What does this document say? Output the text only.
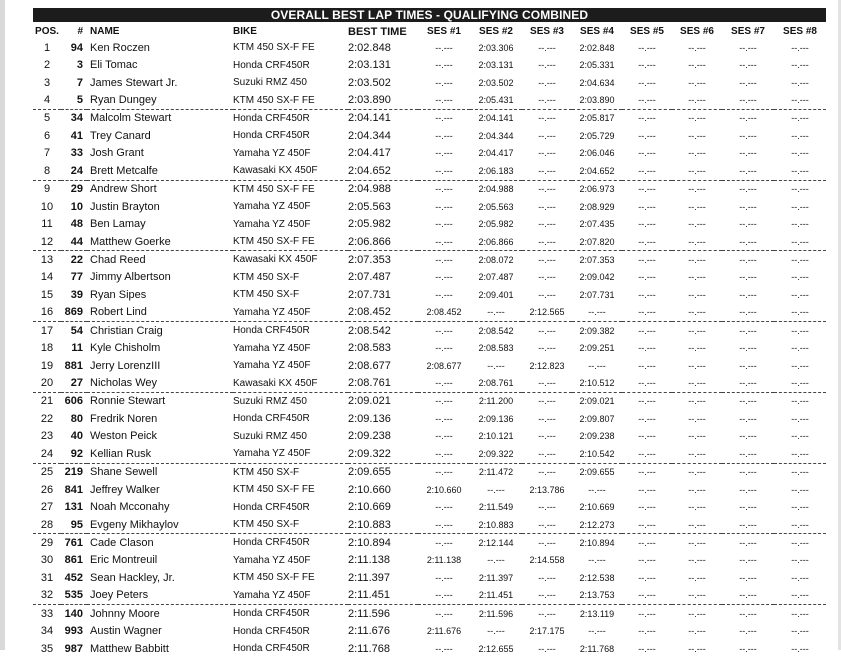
OVERALL BEST LAP TIMES - QUALIFYING COMBINED
POS.	#	NAME	BIKE	BEST TIME	SES #1	SES #2	SES #3	SES #4	SES #5	SES #6	SES #7	SES #8
1	94	Ken Roczen	KTM 450 SX-F FE	2:02.848	--.---	2:03.306	--.---	2:02.848	--.---	--.---	--.---	--.---
2	3	Eli Tomac	Honda CRF450R	2:03.131	--.---	2:03.131	--.---	2:05.331	--.---	--.---	--.---	--.---
3	7	James Stewart Jr.	Suzuki RMZ 450	2:03.502	--.---	2:03.502	--.---	2:04.634	--.---	--.---	--.---	--.---
4	5	Ryan Dungey	KTM 450 SX-F FE	2:03.890	--.---	2:05.431	--.---	2:03.890	--.---	--.---	--.---	--.---
5	34	Malcolm Stewart	Honda CRF450R	2:04.141	--.---	2:04.141	--.---	2:05.817	--.---	--.---	--.---	--.---
6	41	Trey Canard	Honda CRF450R	2:04.344	--.---	2:04.344	--.---	2:05.729	--.---	--.---	--.---	--.---
7	33	Josh Grant	Yamaha YZ 450F	2:04.417	--.---	2:04.417	--.---	2:06.046	--.---	--.---	--.---	--.---
8	24	Brett Metcalfe	Kawasaki KX 450F	2:04.652	--.---	2:06.183	--.---	2:04.652	--.---	--.---	--.---	--.---
9	29	Andrew Short	KTM 450 SX-F FE	2:04.988	--.---	2:04.988	--.---	2:06.973	--.---	--.---	--.---	--.---
10	10	Justin Brayton	Yamaha YZ 450F	2:05.563	--.---	2:05.563	--.---	2:08.929	--.---	--.---	--.---	--.---
11	48	Ben Lamay	Yamaha YZ 450F	2:05.982	--.---	2:05.982	--.---	2:07.435	--.---	--.---	--.---	--.---
12	44	Matthew Goerke	KTM 450 SX-F FE	2:06.866	--.---	2:06.866	--.---	2:07.820	--.---	--.---	--.---	--.---
13	22	Chad Reed	Kawasaki KX 450F	2:07.353	--.---	2:08.072	--.---	2:07.353	--.---	--.---	--.---	--.---
14	77	Jimmy Albertson	KTM 450 SX-F	2:07.487	--.---	2:07.487	--.---	2:09.042	--.---	--.---	--.---	--.---
15	39	Ryan Sipes	KTM 450 SX-F	2:07.731	--.---	2:09.401	--.---	2:07.731	--.---	--.---	--.---	--.---
16	869	Robert Lind	Yamaha YZ 450F	2:08.452	2:08.452	--.---	2:12.565	--.---	--.---	--.---	--.---	--.---
17	54	Christian Craig	Honda CRF450R	2:08.542	--.---	2:08.542	--.---	2:09.382	--.---	--.---	--.---	--.---
18	11	Kyle Chisholm	Yamaha YZ 450F	2:08.583	--.---	2:08.583	--.---	2:09.251	--.---	--.---	--.---	--.---
19	881	Jerry LorenzIII	Yamaha YZ 450F	2:08.677	2:08.677	--.---	2:12.823	--.---	--.---	--.---	--.---	--.---
20	27	Nicholas Wey	Kawasaki KX 450F	2:08.761	--.---	2:08.761	--.---	2:10.512	--.---	--.---	--.---	--.---
21	606	Ronnie Stewart	Suzuki RMZ 450	2:09.021	--.---	2:11.200	--.---	2:09.021	--.---	--.---	--.---	--.---
22	80	Fredrik Noren	Honda CRF450R	2:09.136	--.---	2:09.136	--.---	2:09.807	--.---	--.---	--.---	--.---
23	40	Weston Peick	Suzuki RMZ 450	2:09.238	--.---	2:10.121	--.---	2:09.238	--.---	--.---	--.---	--.---
24	92	Kellian Rusk	Yamaha YZ 450F	2:09.322	--.---	2:09.322	--.---	2:10.542	--.---	--.---	--.---	--.---
25	219	Shane Sewell	KTM 450 SX-F	2:09.655	--.---	2:11.472	--.---	2:09.655	--.---	--.---	--.---	--.---
26	841	Jeffrey Walker	KTM 450 SX-F FE	2:10.660	2:10.660	--.---	2:13.786	--.---	--.---	--.---	--.---	--.---
27	131	Noah Mcconahy	Honda CRF450R	2:10.669	--.---	2:11.549	--.---	2:10.669	--.---	--.---	--.---	--.---
28	95	Evgeny Mikhaylov	KTM 450 SX-F	2:10.883	--.---	2:10.883	--.---	2:12.273	--.---	--.---	--.---	--.---
29	761	Cade Clason	Honda CRF450R	2:10.894	--.---	2:12.144	--.---	2:10.894	--.---	--.---	--.---	--.---
30	861	Eric Montreuil	Yamaha YZ 450F	2:11.138	2:11.138	--.---	2:14.558	--.---	--.---	--.---	--.---	--.---
31	452	Sean Hackley, Jr.	KTM 450 SX-F FE	2:11.397	--.---	2:11.397	--.---	2:12.538	--.---	--.---	--.---	--.---
32	535	Joey Peters	Yamaha YZ 450F	2:11.451	--.---	2:11.451	--.---	2:13.753	--.---	--.---	--.---	--.---
33	140	Johnny Moore	Honda CRF450R	2:11.596	--.---	2:11.596	--.---	2:13.119	--.---	--.---	--.---	--.---
34	993	Austin Wagner	Honda CRF450R	2:11.676	2:11.676	--.---	2:17.175	--.---	--.---	--.---	--.---	--.---
35	987	Matthew Babbitt	Honda CRF450R	2:11.768	--.---	2:12.655	--.---	2:11.768	--.---	--.---	--.---	--.---
